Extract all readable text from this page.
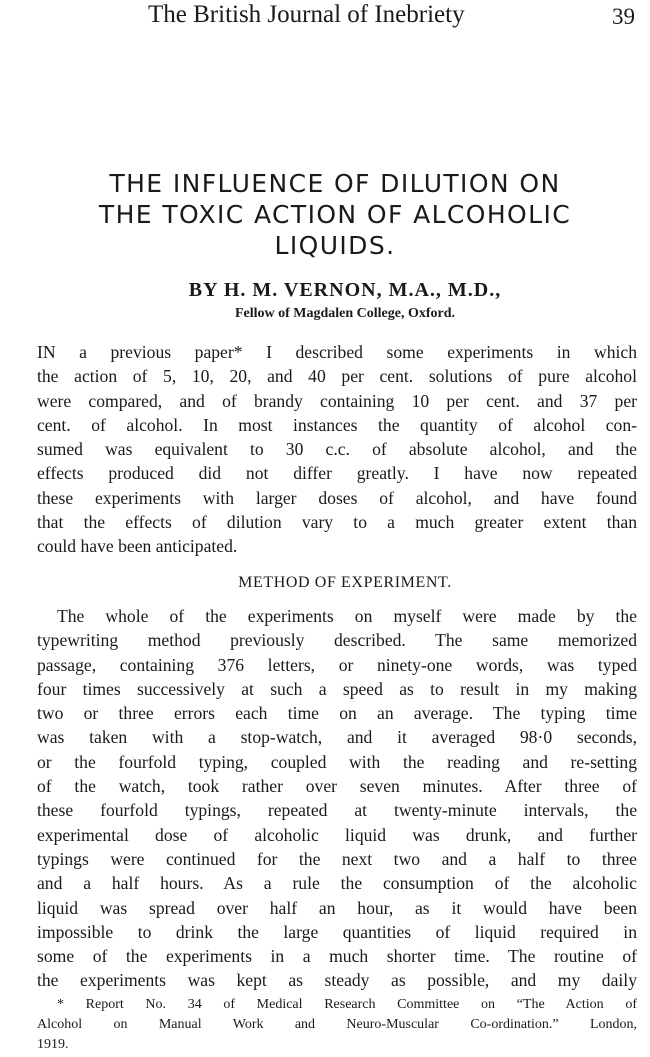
The British Journal of Inebriety	39
THE INFLUENCE OF DILUTION ON
THE TOXIC ACTION OF ALCOHOLIC
LIQUIDS.
BY H. M. VERNON, M.A., M.D.,
Fellow of Magdalen College, Oxford.

IN a previous paper* I described some experiments in which
the action of 5, 10, 20, and 40 per cent. solutions of pure alcohol
were compared, and of brandy containing 10 per cent. and 37 per
cent. of alcohol. In most instances the quantity of alcohol con-
sumed was equivalent to 30 c.c. of absolute alcohol, and the
effects produced did not differ greatly. I have now repeated
these experiments with larger doses of alcohol, and have found
that the effects of dilution vary to a much greater extent than
could have been anticipated.

METHOD OF EXPERIMENT.

The whole of the experiments on myself were made by the
typewriting method previously described. The same memorized
passage, containing 376 letters, or ninety-one words, was typed
four times successively at such a speed as to result in my making
two or three errors each time on an average. The typing time
was taken with a stop-watch, and it averaged 98·0 seconds,
or the fourfold typing, coupled with the reading and re-setting
of the watch, took rather over seven minutes. After three of
these fourfold typings, repeated at twenty-minute intervals, the
experimental dose of alcoholic liquid was drunk, and further
typings were continued for the next two and a half to three
and a half hours. As a rule the consumption of the alcoholic
liquid was spread over half an hour, as it would have been
impossible to drink the large quantities of liquid required in
some of the experiments in a much shorter time. The routine of
the experiments was kept as steady as possible, and my daily

* Report No. 34 of Medical Research Committee on “The Action of
Alcohol on Manual Work and Neuro-Muscular Co-ordination.” London,
1919.
